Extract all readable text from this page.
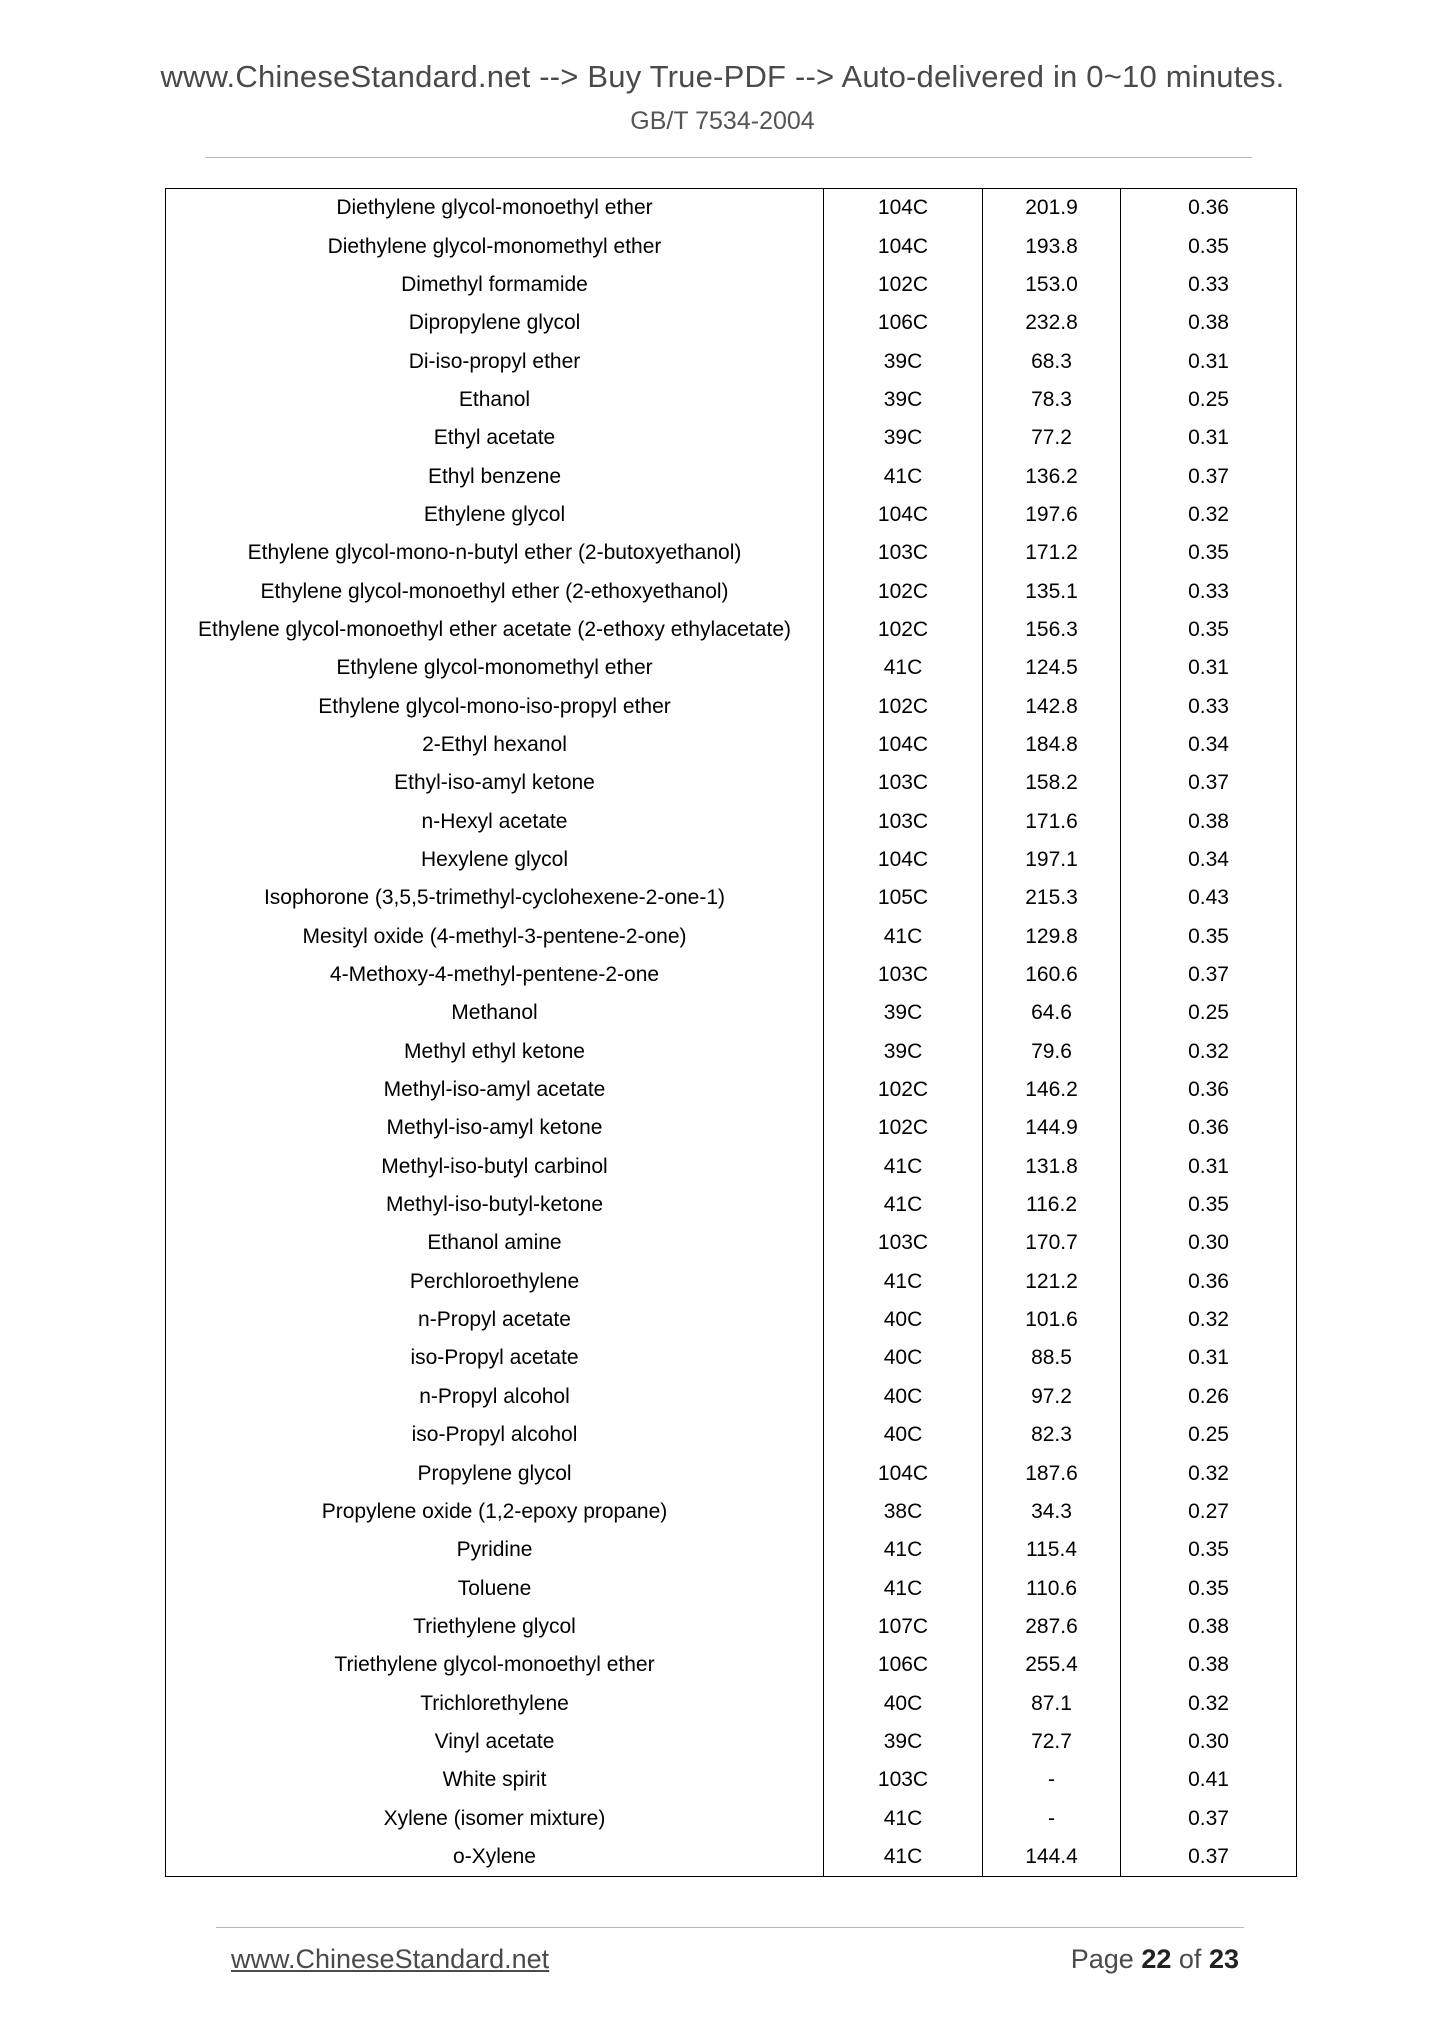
www.ChineseStandard.net --> Buy True-PDF --> Auto-delivered in 0~10 minutes.
GB/T 7534-2004
Diethylene glycol-monoethyl ether	104C	201.9	0.36
Diethylene glycol-monomethyl ether	104C	193.8	0.35
Dimethyl formamide	102C	153.0	0.33
Dipropylene glycol	106C	232.8	0.38
Di-iso-propyl ether	39C	68.3	0.31
Ethanol	39C	78.3	0.25
Ethyl acetate	39C	77.2	0.31
Ethyl benzene	41C	136.2	0.37
Ethylene glycol	104C	197.6	0.32
Ethylene glycol-mono-n-butyl ether (2-butoxyethanol)	103C	171.2	0.35
Ethylene glycol-monoethyl ether (2-ethoxyethanol)	102C	135.1	0.33
Ethylene glycol-monoethyl ether acetate (2-ethoxy ethylacetate)	102C	156.3	0.35
Ethylene glycol-monomethyl ether	41C	124.5	0.31
Ethylene glycol-mono-iso-propyl ether	102C	142.8	0.33
2-Ethyl hexanol	104C	184.8	0.34
Ethyl-iso-amyl ketone	103C	158.2	0.37
n-Hexyl acetate	103C	171.6	0.38
Hexylene glycol	104C	197.1	0.34
Isophorone (3,5,5-trimethyl-cyclohexene-2-one-1)	105C	215.3	0.43
Mesityl oxide (4-methyl-3-pentene-2-one)	41C	129.8	0.35
4-Methoxy-4-methyl-pentene-2-one	103C	160.6	0.37
Methanol	39C	64.6	0.25
Methyl ethyl ketone	39C	79.6	0.32
Methyl-iso-amyl acetate	102C	146.2	0.36
Methyl-iso-amyl ketone	102C	144.9	0.36
Methyl-iso-butyl carbinol	41C	131.8	0.31
Methyl-iso-butyl-ketone	41C	116.2	0.35
Ethanol amine	103C	170.7	0.30
Perchloroethylene	41C	121.2	0.36
n-Propyl acetate	40C	101.6	0.32
iso-Propyl acetate	40C	88.5	0.31
n-Propyl alcohol	40C	97.2	0.26
iso-Propyl alcohol	40C	82.3	0.25
Propylene glycol	104C	187.6	0.32
Propylene oxide (1,2-epoxy propane)	38C	34.3	0.27
Pyridine	41C	115.4	0.35
Toluene	41C	110.6	0.35
Triethylene glycol	107C	287.6	0.38
Triethylene glycol-monoethyl ether	106C	255.4	0.38
Trichlorethylene	40C	87.1	0.32
Vinyl acetate	39C	72.7	0.30
White spirit	103C	-	0.41
Xylene (isomer mixture)	41C	-	0.37
o-Xylene	41C	144.4	0.37
www.ChineseStandard.net	Page 22 of 23
